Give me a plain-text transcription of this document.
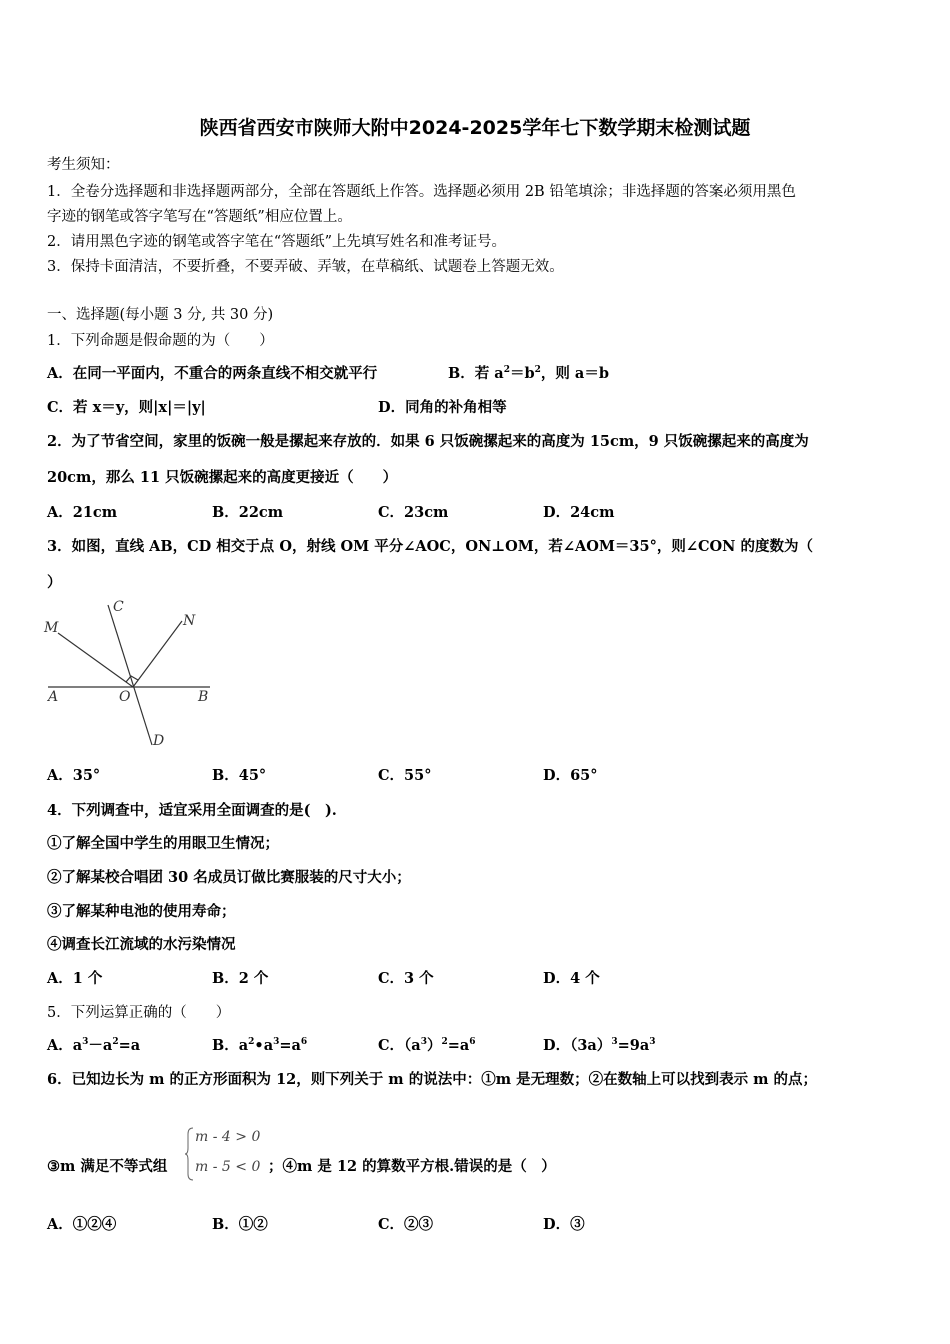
陕西省西安市陕师大附中2024-2025学年七下数学期末检测试题
考生须知：
1．全卷分选择题和非选择题两部分，全部在答题纸上作答。选择题必须用 2B 铅笔填涂；非选择题的答案必须用黑色
字迹的钢笔或答字笔写在“答题纸”相应位置上。
2．请用黑色字迹的钢笔或答字笔在“答题纸”上先填写姓名和准考证号。
3．保持卡面清洁，不要折叠，不要弄破、弄皱，在草稿纸、试题卷上答题无效。
一、选择题(每小题 3 分, 共 30 分)
1．下列命题是假命题的为（　　）
A．在同一平面内，不重合的两条直线不相交就平行	B．若 $a^2=b^2$，则 a＝b
C．若 x＝y，则|x|＝|y|	D．同角的补角相等
2．为了节省空间，家里的饭碗一般是摞起来存放的．如果 6 只饭碗摞起来的高度为 15cm，9 只饭碗摞起来的高度为
20cm，那么 11 只饭碗摞起来的高度更接近（　　）
A．21cm	B．22cm	C．23cm	D．24cm
3．如图，直线 AB，CD 相交于点 O，射线 OM 平分∠AOC，ON⊥OM，若∠AOM＝35°，则∠CON 的度数为（
）
M
C
N
A	O	B
D
A．35°	B．45°	C．55°	D．65°
4．下列调查中，适宜采用全面调查的是(　).
①了解全国中学生的用眼卫生情况；
②了解某校合唱团 30 名成员订做比赛服装的尺寸大小；
③了解某种电池的使用寿命；
④调查长江流域的水污染情况
A．1 个	B．2 个	C．3 个	D．4 个
5．下列运算正确的（　　）
A．$a^3-a^2=a$	B．$a^2•a^3=a^6$	C．$(a^3)^2=a^6$	D．$(3a)^3=9a^3$
6．已知边长为 m 的正方形面积为 12，则下列关于 m 的说法中：①m 是无理数；②在数轴上可以找到表示 m 的点；
③m 满足不等式组
m - 4 > 0
m - 5 < 0 ；④m 是 12 的算数平方根.错误的是（　）
A．①②④	B．①②	C．②③	D．③
